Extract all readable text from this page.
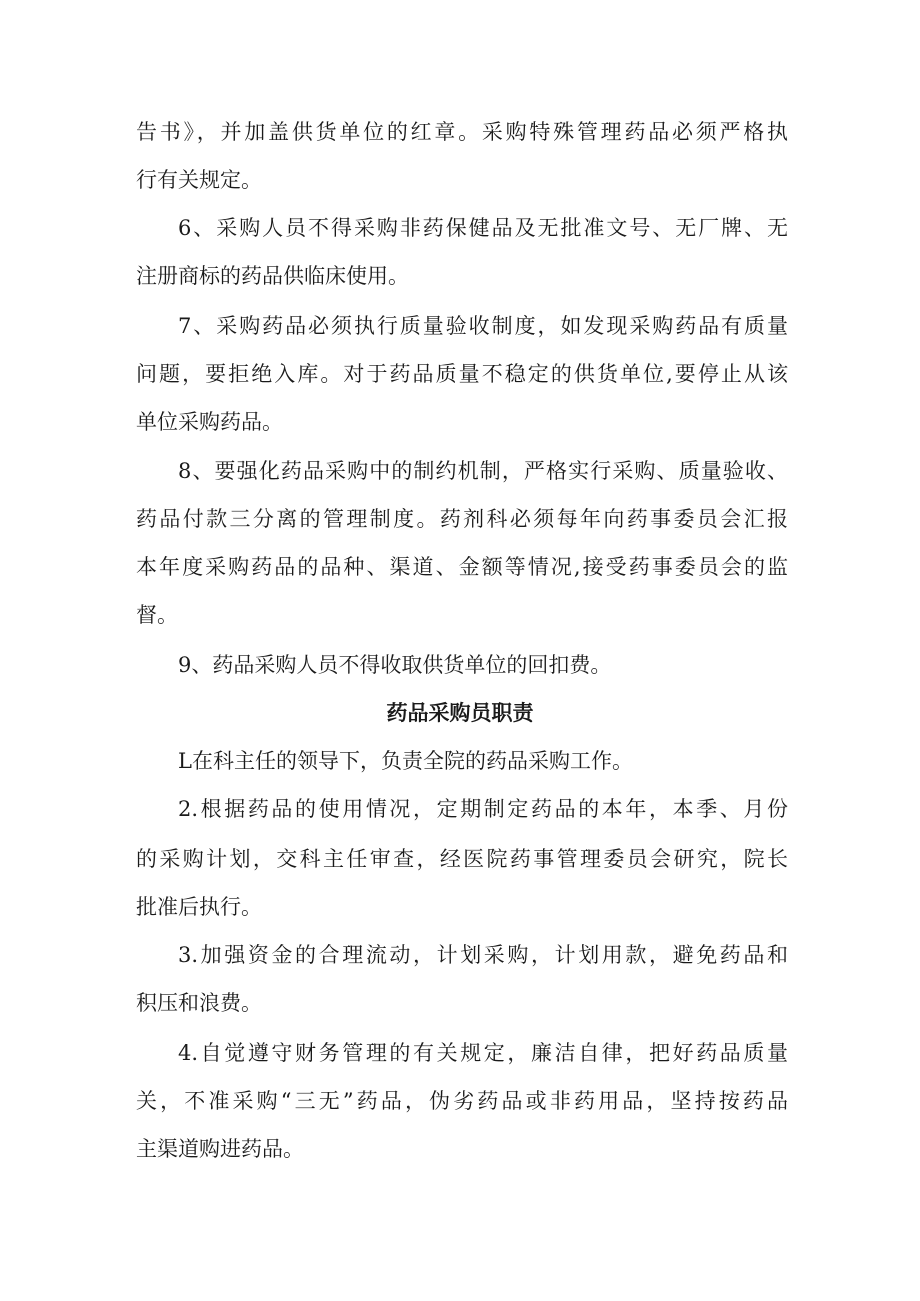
告书》，并加盖供货单位的红章。采购特殊管理药品必须严格执
行有关规定。
6、采购人员不得采购非药保健品及无批准文号、无厂牌、无
注册商标的药品供临床使用。
7、采购药品必须执行质量验收制度，如发现采购药品有质量
问题，要拒绝入库。对于药品质量不稳定的供货单位,要停止从该
单位采购药品。
8、要强化药品采购中的制约机制，严格实行采购、质量验收、
药品付款三分离的管理制度。药剂科必须每年向药事委员会汇报
本年度采购药品的品种、渠道、金额等情况,接受药事委员会的监
督。
9、药品采购人员不得收取供货单位的回扣费。
药品采购员职责
L在科主任的领导下，负责全院的药品采购工作。
2.根据药品的使用情况，定期制定药品的本年，本季、月份
的采购计划，交科主任审查，经医院药事管理委员会研究，院长
批准后执行。
3.加强资金的合理流动，计划采购，计划用款，避免药品和
积压和浪费。
4.自觉遵守财务管理的有关规定，廉洁自律，把好药品质量
关，不准采购“三无”药品，伪劣药品或非药用品，坚持按药品
主渠道购进药品。
